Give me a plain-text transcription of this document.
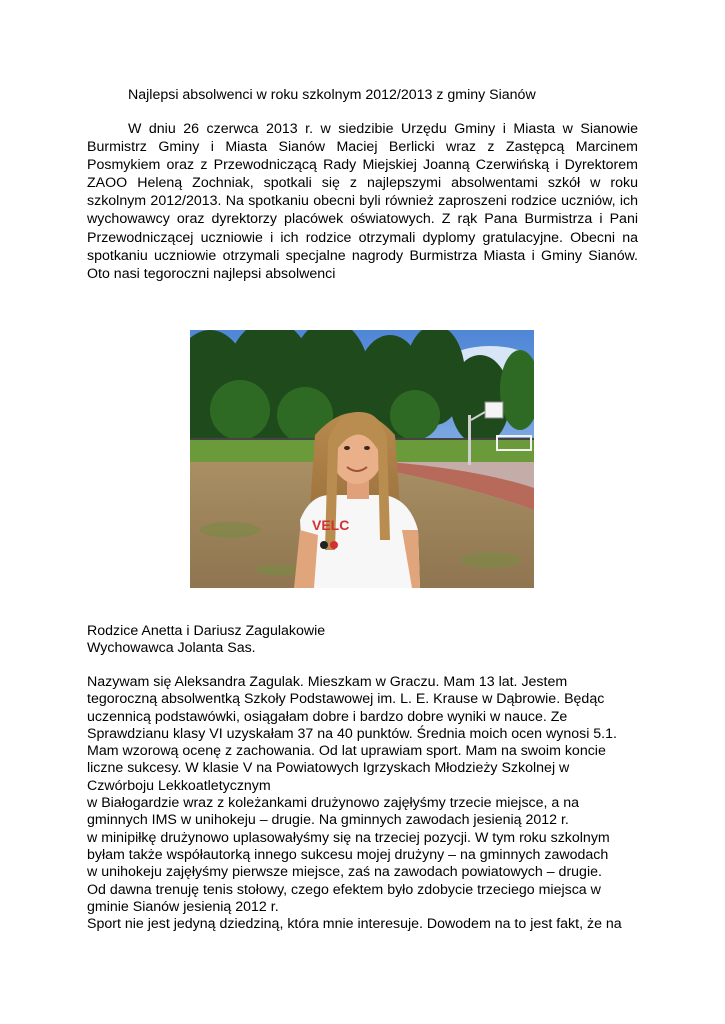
Najlepsi absolwenci w roku szkolnym 2012/2013 z gminy Sianów

W dniu 26 czerwca 2013 r. w siedzibie Urzędu Gminy i Miasta w Sianowie Burmistrz Gminy i Miasta Sianów Maciej Berlicki wraz z Zastępcą Marcinem Posmykiem oraz z Przewodniczącą Rady Miejskiej Joanną Czerwińską i Dyrektorem ZAOO Heleną Zochniak, spotkali się z najlepszymi absolwentami szkół w roku szkolnym 2012/2013. Na spotkaniu obecni byli również zaproszeni rodzice uczniów, ich wychowawcy oraz dyrektorzy placówek oświatowych. Z rąk Pana Burmistrza i Pani Przewodniczącej uczniowie i ich rodzice otrzymali dyplomy gratulacyjne. Obecni na spotkaniu uczniowie otrzymali specjalne nagrody Burmistrza Miasta i Gminy Sianów. Oto nasi tegoroczni najlepsi absolwenci

VELC
Rodzice Anetta i Dariusz Zagulakowie
Wychowawca Jolanta Sas.
Nazywam się Aleksandra Zagulak. Mieszkam w Graczu. Mam 13 lat. Jestem
tegoroczną absolwentką Szkoły Podstawowej im. L. E. Krause w Dąbrowie. Będąc
uczennicą podstawówki, osiągałam dobre i bardzo dobre wyniki w nauce. Ze
Sprawdzianu klasy VI uzyskałam 37 na 40 punktów. Średnia moich ocen wynosi 5.1.
Mam wzorową ocenę z zachowania. Od lat uprawiam sport. Mam na swoim koncie
liczne sukcesy. W klasie V na Powiatowych Igrzyskach Młodzieży Szkolnej w
Czwórboju Lekkoatletycznym
w Białogardzie wraz z koleżankami drużynowo zajęłyśmy trzecie miejsce, a na
gminnych IMS w unihokeju – drugie. Na gminnych zawodach jesienią 2012 r.
w minipiłkę drużynowo uplasowałyśmy się na trzeciej pozycji. W tym roku szkolnym
byłam także współautorką innego sukcesu mojej drużyny – na gminnych zawodach
w unihokeju zajęłyśmy pierwsze miejsce, zaś na zawodach powiatowych – drugie.
Od dawna trenuję tenis stołowy, czego efektem było zdobycie trzeciego miejsca w
gminie Sianów jesienią 2012 r.
Sport nie jest jedyną dziedziną, która mnie interesuje. Dowodem na to jest fakt, że na
